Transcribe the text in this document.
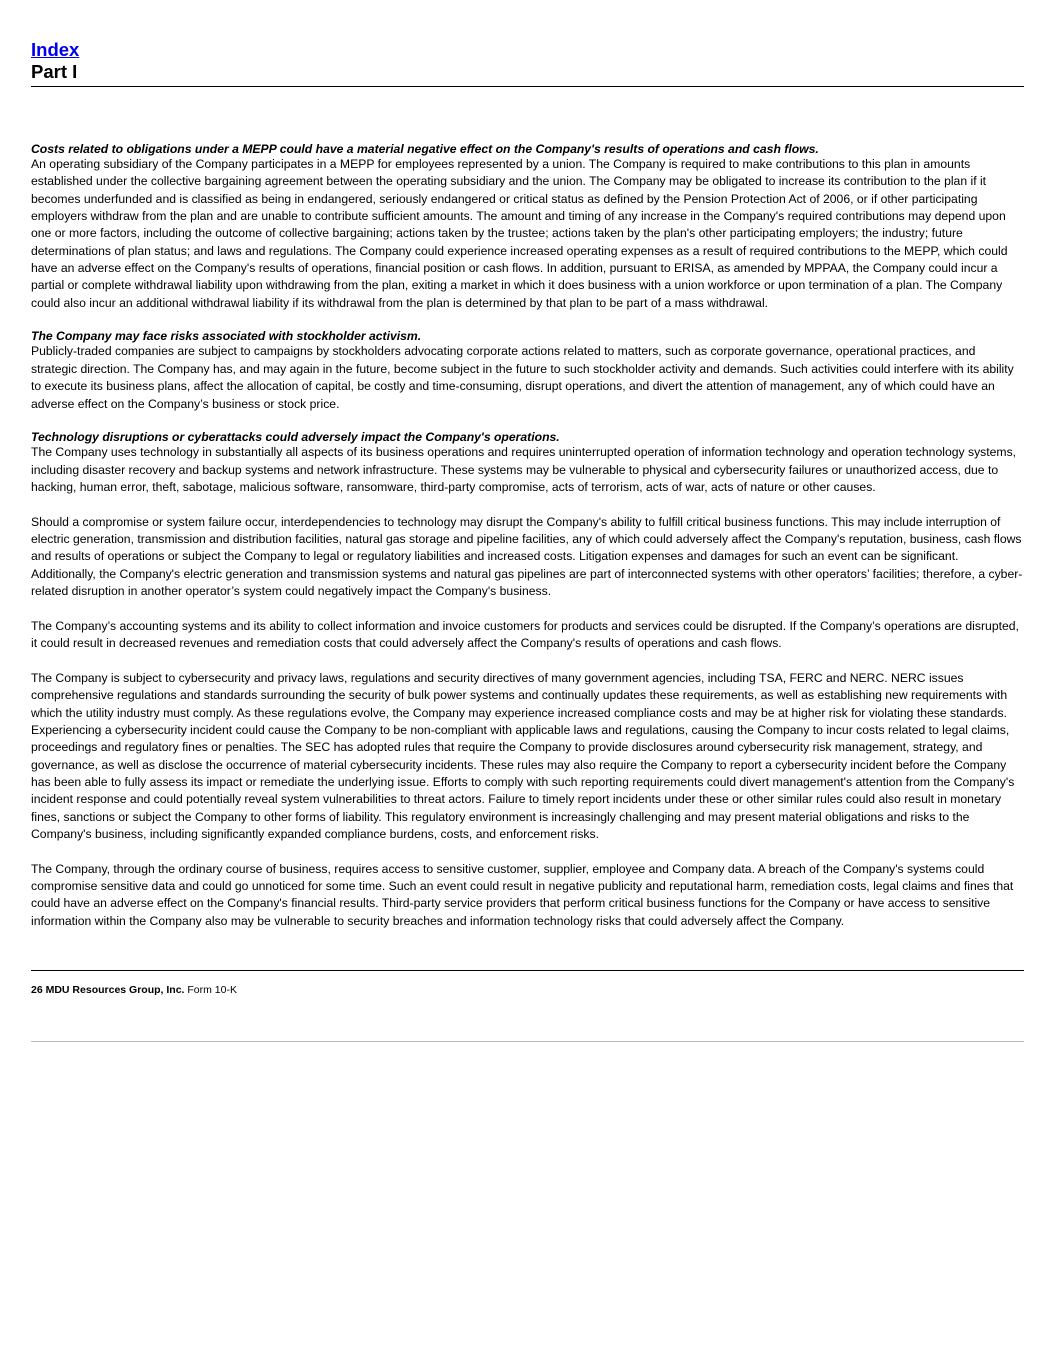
Index
Part I

Costs related to obligations under a MEPP could have a material negative effect on the Company's results of operations and cash flows.

An operating subsidiary of the Company participates in a MEPP for employees represented by a union. The Company is required to make contributions to this plan in amounts established under the collective bargaining agreement between the operating subsidiary and the union. The Company may be obligated to increase its contribution to the plan if it becomes underfunded and is classified as being in endangered, seriously endangered or critical status as defined by the Pension Protection Act of 2006, or if other participating employers withdraw from the plan and are unable to contribute sufficient amounts. The amount and timing of any increase in the Company's required contributions may depend upon one or more factors, including the outcome of collective bargaining; actions taken by the trustee; actions taken by the plan's other participating employers; the industry; future determinations of plan status; and laws and regulations. The Company could experience increased operating expenses as a result of required contributions to the MEPP, which could have an adverse effect on the Company's results of operations, financial position or cash flows. In addition, pursuant to ERISA, as amended by MPPAA, the Company could incur a partial or complete withdrawal liability upon withdrawing from the plan, exiting a market in which it does business with a union workforce or upon termination of a plan. The Company could also incur an additional withdrawal liability if its withdrawal from the plan is determined by that plan to be part of a mass withdrawal.

The Company may face risks associated with stockholder activism.

Publicly-traded companies are subject to campaigns by stockholders advocating corporate actions related to matters, such as corporate governance, operational practices, and strategic direction. The Company has, and may again in the future, become subject in the future to such stockholder activity and demands. Such activities could interfere with its ability to execute its business plans, affect the allocation of capital, be costly and time-consuming, disrupt operations, and divert the attention of management, any of which could have an adverse effect on the Company’s business or stock price.

Technology disruptions or cyberattacks could adversely impact the Company's operations.

The Company uses technology in substantially all aspects of its business operations and requires uninterrupted operation of information technology and operation technology systems, including disaster recovery and backup systems and network infrastructure. These systems may be vulnerable to physical and cybersecurity failures or unauthorized access, due to hacking, human error, theft, sabotage, malicious software, ransomware, third-party compromise, acts of terrorism, acts of war, acts of nature or other causes.

Should a compromise or system failure occur, interdependencies to technology may disrupt the Company's ability to fulfill critical business functions. This may include interruption of electric generation, transmission and distribution facilities, natural gas storage and pipeline facilities, any of which could adversely affect the Company's reputation, business, cash flows and results of operations or subject the Company to legal or regulatory liabilities and increased costs. Litigation expenses and damages for such an event can be significant. Additionally, the Company's electric generation and transmission systems and natural gas pipelines are part of interconnected systems with other operators’ facilities; therefore, a cyber-related disruption in another operator’s system could negatively impact the Company's business.

The Company’s accounting systems and its ability to collect information and invoice customers for products and services could be disrupted. If the Company’s operations are disrupted, it could result in decreased revenues and remediation costs that could adversely affect the Company's results of operations and cash flows.

The Company is subject to cybersecurity and privacy laws, regulations and security directives of many government agencies, including TSA, FERC and NERC. NERC issues comprehensive regulations and standards surrounding the security of bulk power systems and continually updates these requirements, as well as establishing new requirements with which the utility industry must comply. As these regulations evolve, the Company may experience increased compliance costs and may be at higher risk for violating these standards. Experiencing a cybersecurity incident could cause the Company to be non-compliant with applicable laws and regulations, causing the Company to incur costs related to legal claims, proceedings and regulatory fines or penalties. The SEC has adopted rules that require the Company to provide disclosures around cybersecurity risk management, strategy, and governance, as well as disclose the occurrence of material cybersecurity incidents. These rules may also require the Company to report a cybersecurity incident before the Company has been able to fully assess its impact or remediate the underlying issue. Efforts to comply with such reporting requirements could divert management's attention from the Company's incident response and could potentially reveal system vulnerabilities to threat actors. Failure to timely report incidents under these or other similar rules could also result in monetary fines, sanctions or subject the Company to other forms of liability. This regulatory environment is increasingly challenging and may present material obligations and risks to the Company's business, including significantly expanded compliance burdens, costs, and enforcement risks.

The Company, through the ordinary course of business, requires access to sensitive customer, supplier, employee and Company data. A breach of the Company's systems could compromise sensitive data and could go unnoticed for some time. Such an event could result in negative publicity and reputational harm, remediation costs, legal claims and fines that could have an adverse effect on the Company's financial results. Third-party service providers that perform critical business functions for the Company or have access to sensitive information within the Company also may be vulnerable to security breaches and information technology risks that could adversely affect the Company.

26 MDU Resources Group, Inc. Form 10-K
